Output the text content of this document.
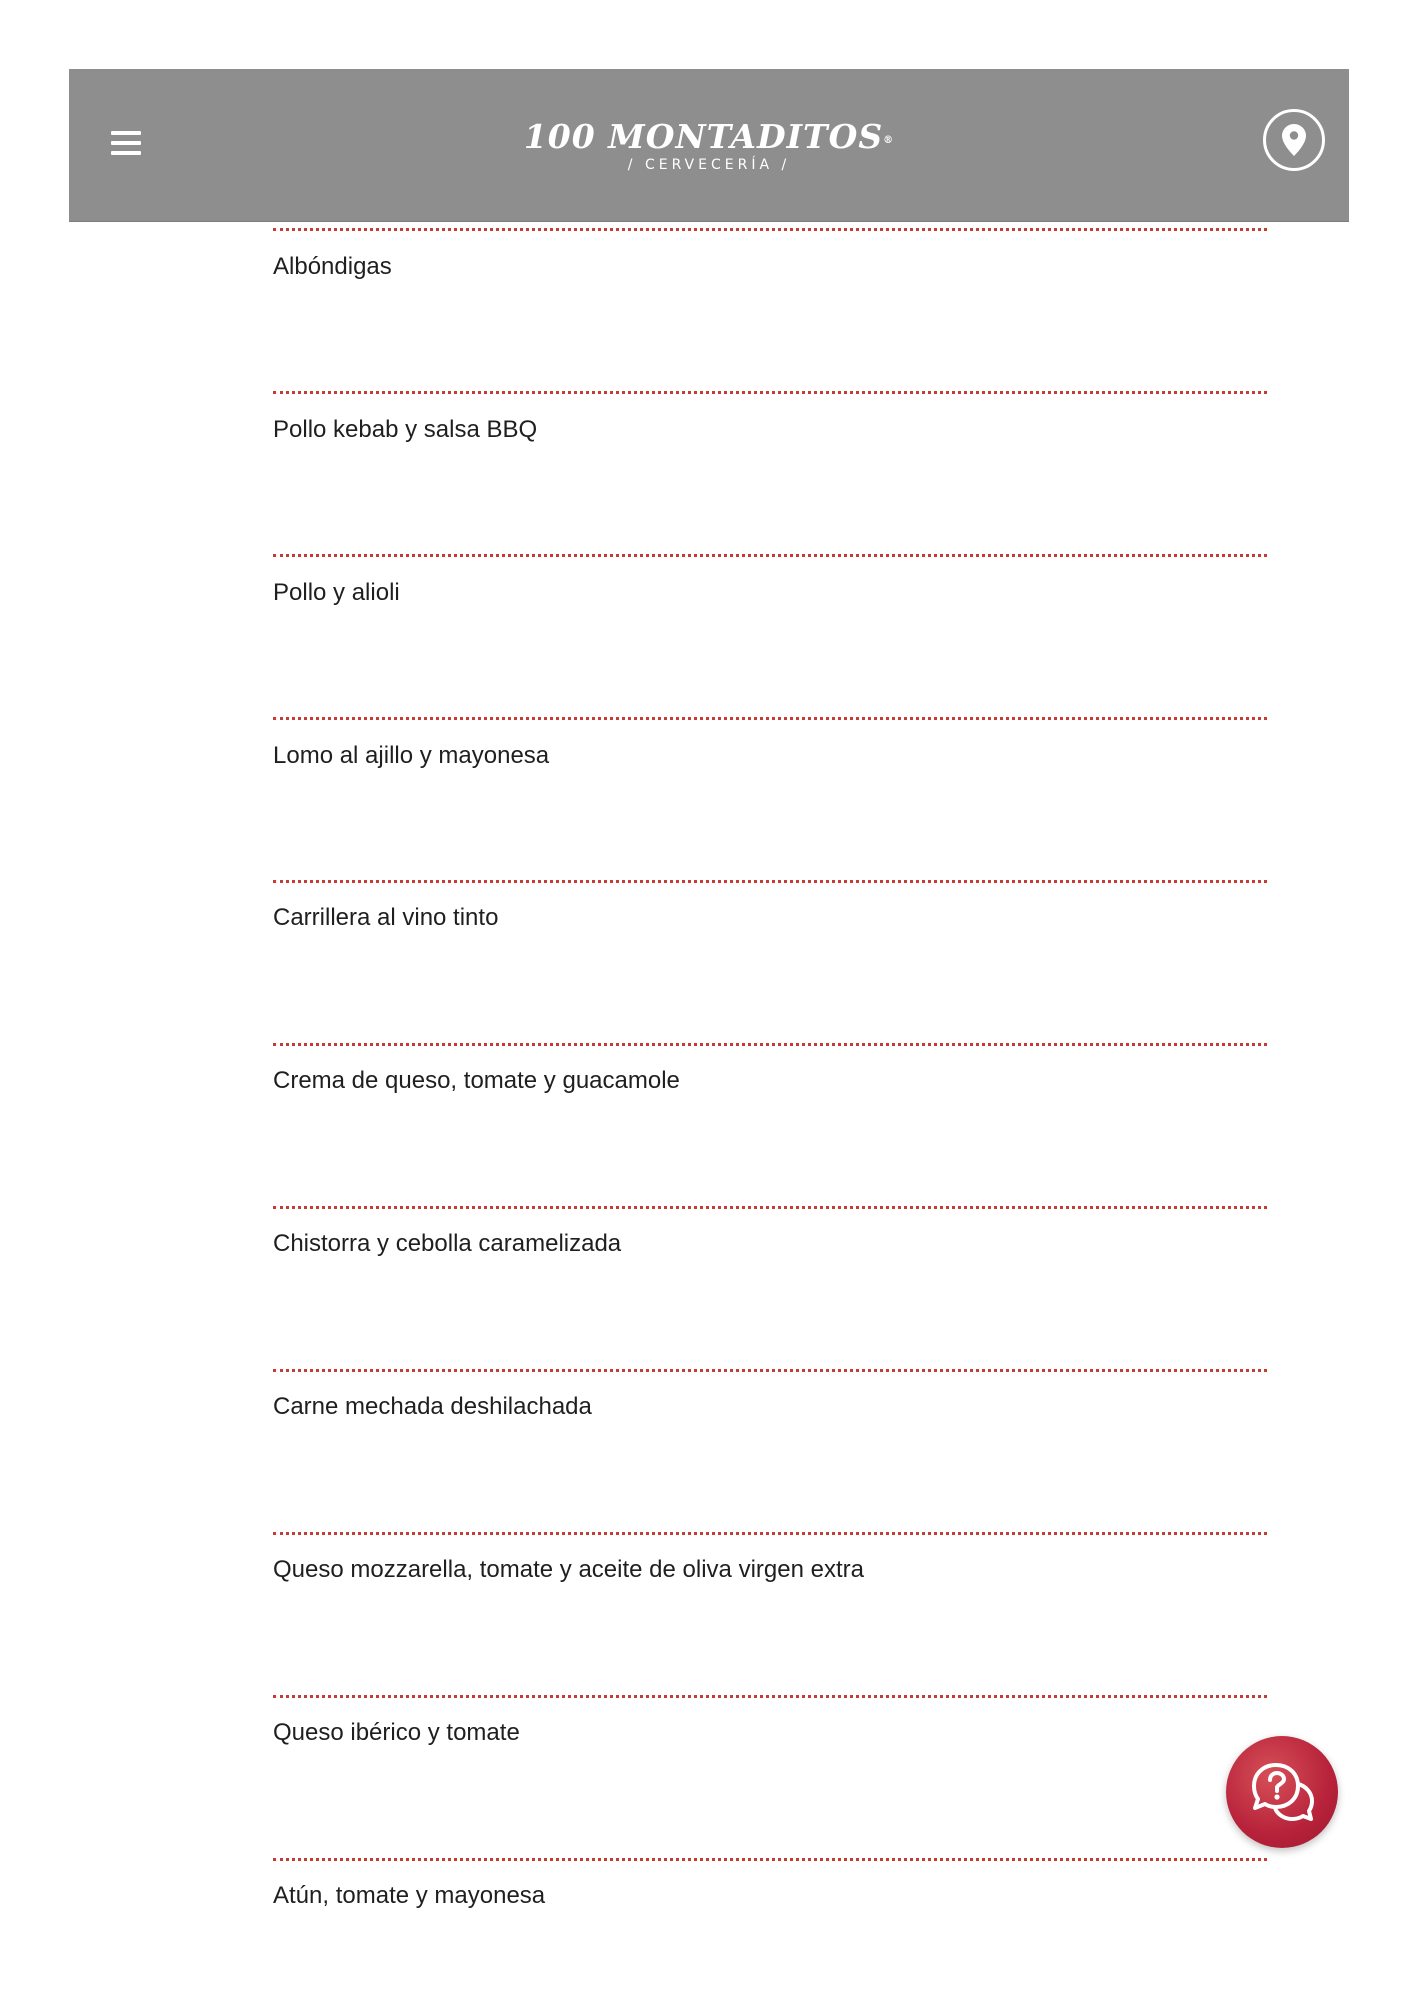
Albóndigas
Pollo kebab y salsa BBQ
Pollo y alioli
Lomo al ajillo y mayonesa
Carrillera al vino tinto
Crema de queso, tomate y guacamole
Chistorra y cebolla caramelizada
Carne mechada deshilachada
Queso mozzarella, tomate y aceite de oliva virgen extra
Queso ibérico y tomate
Atún, tomate y mayonesa
100 MONTADITOS®
/ CERVECERÍA /
